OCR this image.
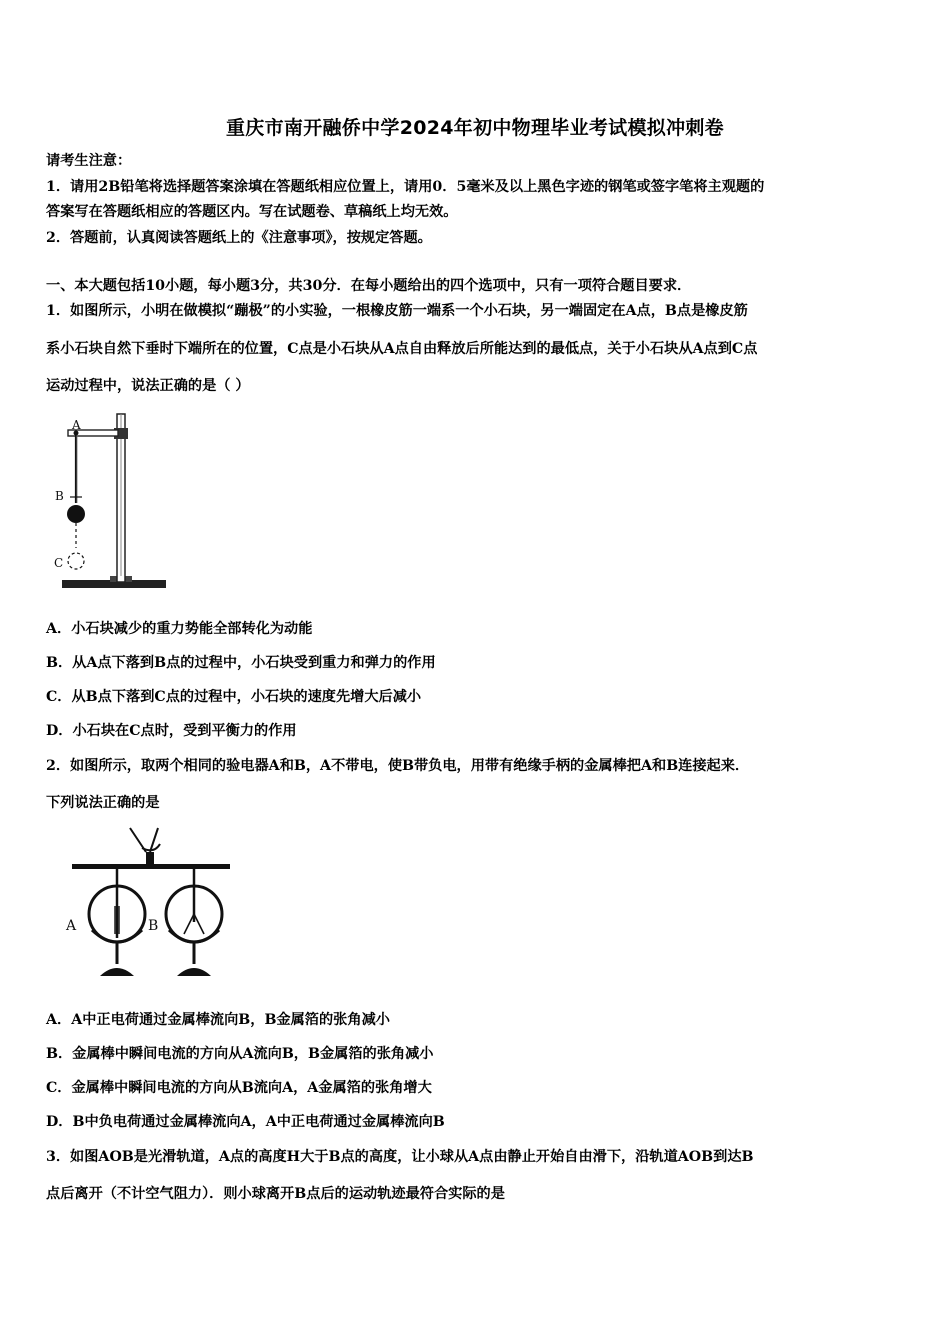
重庆市南开融侨中学2024年初中物理毕业考试模拟冲刺卷
请考生注意：
1．请用2B铅笔将选择题答案涂填在答题纸相应位置上，请用0．5毫米及以上黑色字迹的钢笔或签字笔将主观题的
答案写在答题纸相应的答题区内。写在试题卷、草稿纸上均无效。
2．答题前，认真阅读答题纸上的《注意事项》，按规定答题。
一、本大题包括10小题，每小题3分，共30分．在每小题给出的四个选项中，只有一项符合题目要求．
1．如图所示，小明在做模拟“蹦极”的小实验，一根橡皮筋一端系一个小石块，另一端固定在A点，B点是橡皮筋
系小石块自然下垂时下端所在的位置，C点是小石块从A点自由释放后所能达到的最低点，关于小石块从A点到C点
运动过程中，说法正确的是（ ）
A
B
C
A．小石块减少的重力势能全部转化为动能
B．从A点下落到B点的过程中，小石块受到重力和弹力的作用
C．从B点下落到C点的过程中，小石块的速度先增大后减小
D．小石块在C点时，受到平衡力的作用
2．如图所示，取两个相同的验电器A和B，A不带电，使B带负电，用带有绝缘手柄的金属棒把A和B连接起来．
下列说法正确的是
A	B
A．A中正电荷通过金属棒流向B，B金属箔的张角减小
B．金属棒中瞬间电流的方向从A流向B，B金属箔的张角减小
C．金属棒中瞬间电流的方向从B流向A，A金属箔的张角增大
D．B中负电荷通过金属棒流向A，A中正电荷通过金属棒流向B
3．如图AOB是光滑轨道，A点的高度H大于B点的高度，让小球从A点由静止开始自由滑下，沿轨道AOB到达B
点后离开（不计空气阻力）．则小球离开B点后的运动轨迹最符合实际的是
